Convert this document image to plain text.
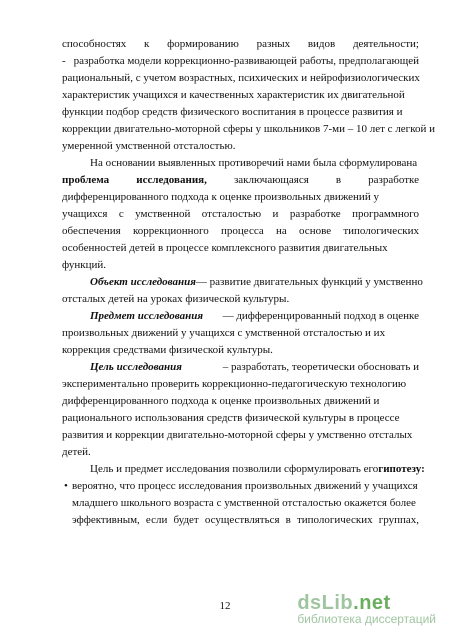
способностях к формированию разных видов деятельности;
- разработка модели коррекционно-развивающей работы, предполагающей
рациональный, с учетом возрастных, психических и нейрофизиологических
характеристик учащихся и качественных характеристик их двигательной
функции подбор средств физического воспитания в процессе развития и
коррекции двигательно-моторной сферы у школьников 7-ми – 10 лет с легкой и
умеренной умственной отсталостью.
На основании выявленных противоречий нами была сформулирована
проблема исследования, заключающаяся в разработке
дифференцированного подхода к оценке произвольных движений у
учащихся с умственной отсталостью и разработке программного
обеспечения коррекционного процесса на основе типологических
особенностей детей в процессе комплексного развития двигательных
функций.
Объект исследования — развитие двигательных функций у умственно
отсталых детей на уроках физической культуры.
Предмет исследования — дифференцированный подход в оценке
произвольных движений у учащихся с умственной отсталостью и их
коррекция средствами физической культуры.
Цель исследования	– разработать, теоретически обосновать и
экспериментально проверить коррекционно-педагогическую технологию
дифференцированного подхода к оценке произвольных движений и
рационального использования средств физической культуры в процессе
развития и коррекции двигательно-моторной сферы у умственно отсталых
детей.
Цель и предмет исследования позволили сформулировать его гипотезу:
• вероятно, что процесс исследования произвольных движений у учащихся
младшего школьного возраста с умственной отсталостью окажется более
эффективным, если будет осуществляться в типологических группах,
12	dsLib.net
библиотека диссертаций
